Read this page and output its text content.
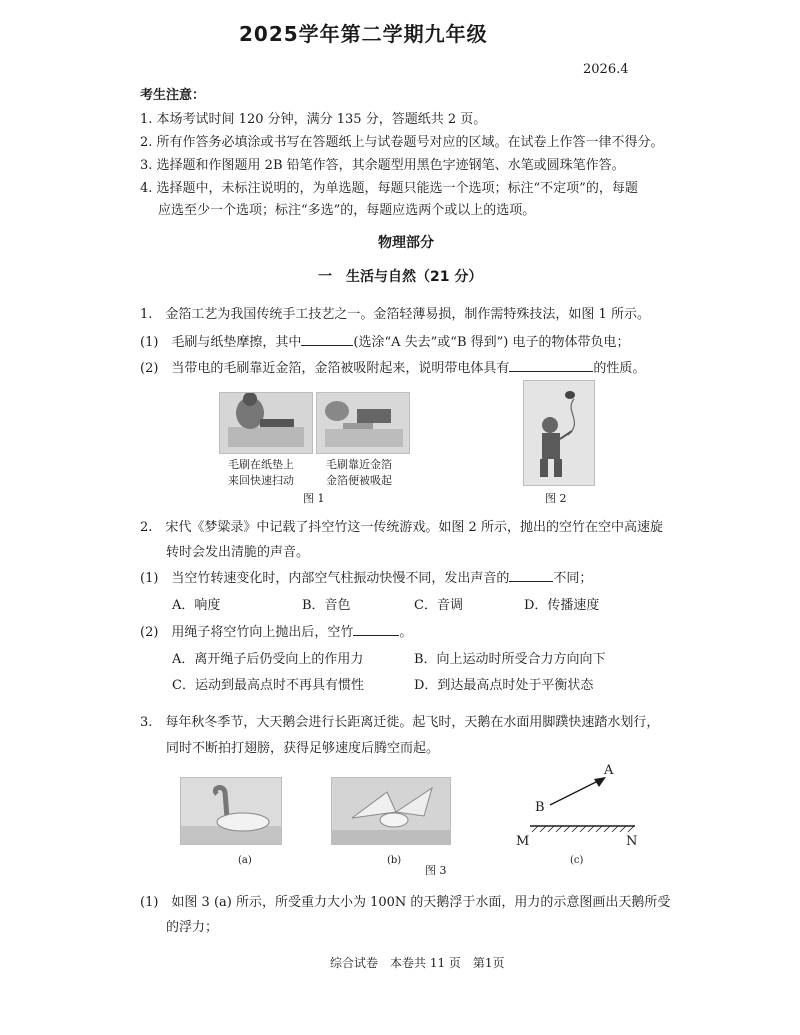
2025学年第二学期九年级
2026.4
考生注意：
1. 本场考试时间 120 分钟，满分 135 分，答题纸共 2 页。
2. 所有作答务必填涂或书写在答题纸上与试卷题号对应的区域。在试卷上作答一律不得分。
3. 选择题和作图题用 2B 铅笔作答，其余题型用黑色字迹钢笔、水笔或圆珠笔作答。
4. 选择题中，未标注说明的，为单选题，每题只能选一个选项；标注“不定项”的，每题
应选至少一个选项；标注“多选”的，每题应选两个或以上的选项。
物理部分
一　生活与自然（21 分）
1.　金箔工艺为我国传统手工技艺之一。金箔轻薄易损，制作需特殊技法，如图 1 所示。
(1)　毛刷与纸垫摩擦，其中	(选涂“A 失去”或“B 得到”) 电子的物体带负电；
(2)　当带电的毛刷靠近金箔，金箔被吸附起来，说明带电体具有	的性质。
毛刷在纸垫上
来回快速扫动
毛刷靠近金箔
金箔便被吸起
图 1	图 2
2.　宋代《梦粱录》中记载了抖空竹这一传统游戏。如图 2 所示，抛出的空竹在空中高速旋
转时会发出清脆的声音。
(1)　当空竹转速变化时，内部空气柱振动快慢不同，发出声音的	不同；
A．响度	B．音色	C．音调	D．传播速度
(2)　用绳子将空竹向上抛出后，空竹	。
A．离开绳子后仍受向上的作用力	B．向上运动时所受合力方向向下
C．运动到最高点时不再具有惯性	D．到达最高点时处于平衡状态
3.　每年秋冬季节，大天鹅会进行长距离迁徙。起飞时，天鹅在水面用脚蹼快速踏水划行，
同时不断拍打翅膀，获得足够速度后腾空而起。
A
B
M	N
(a)	(b)	(c)
图 3
(1)　如图 3 (a) 所示，所受重力大小为 100N 的天鹅浮于水面，用力的示意图画出天鹅所受
的浮力；
综合试卷　本卷共 11 页　第1页
